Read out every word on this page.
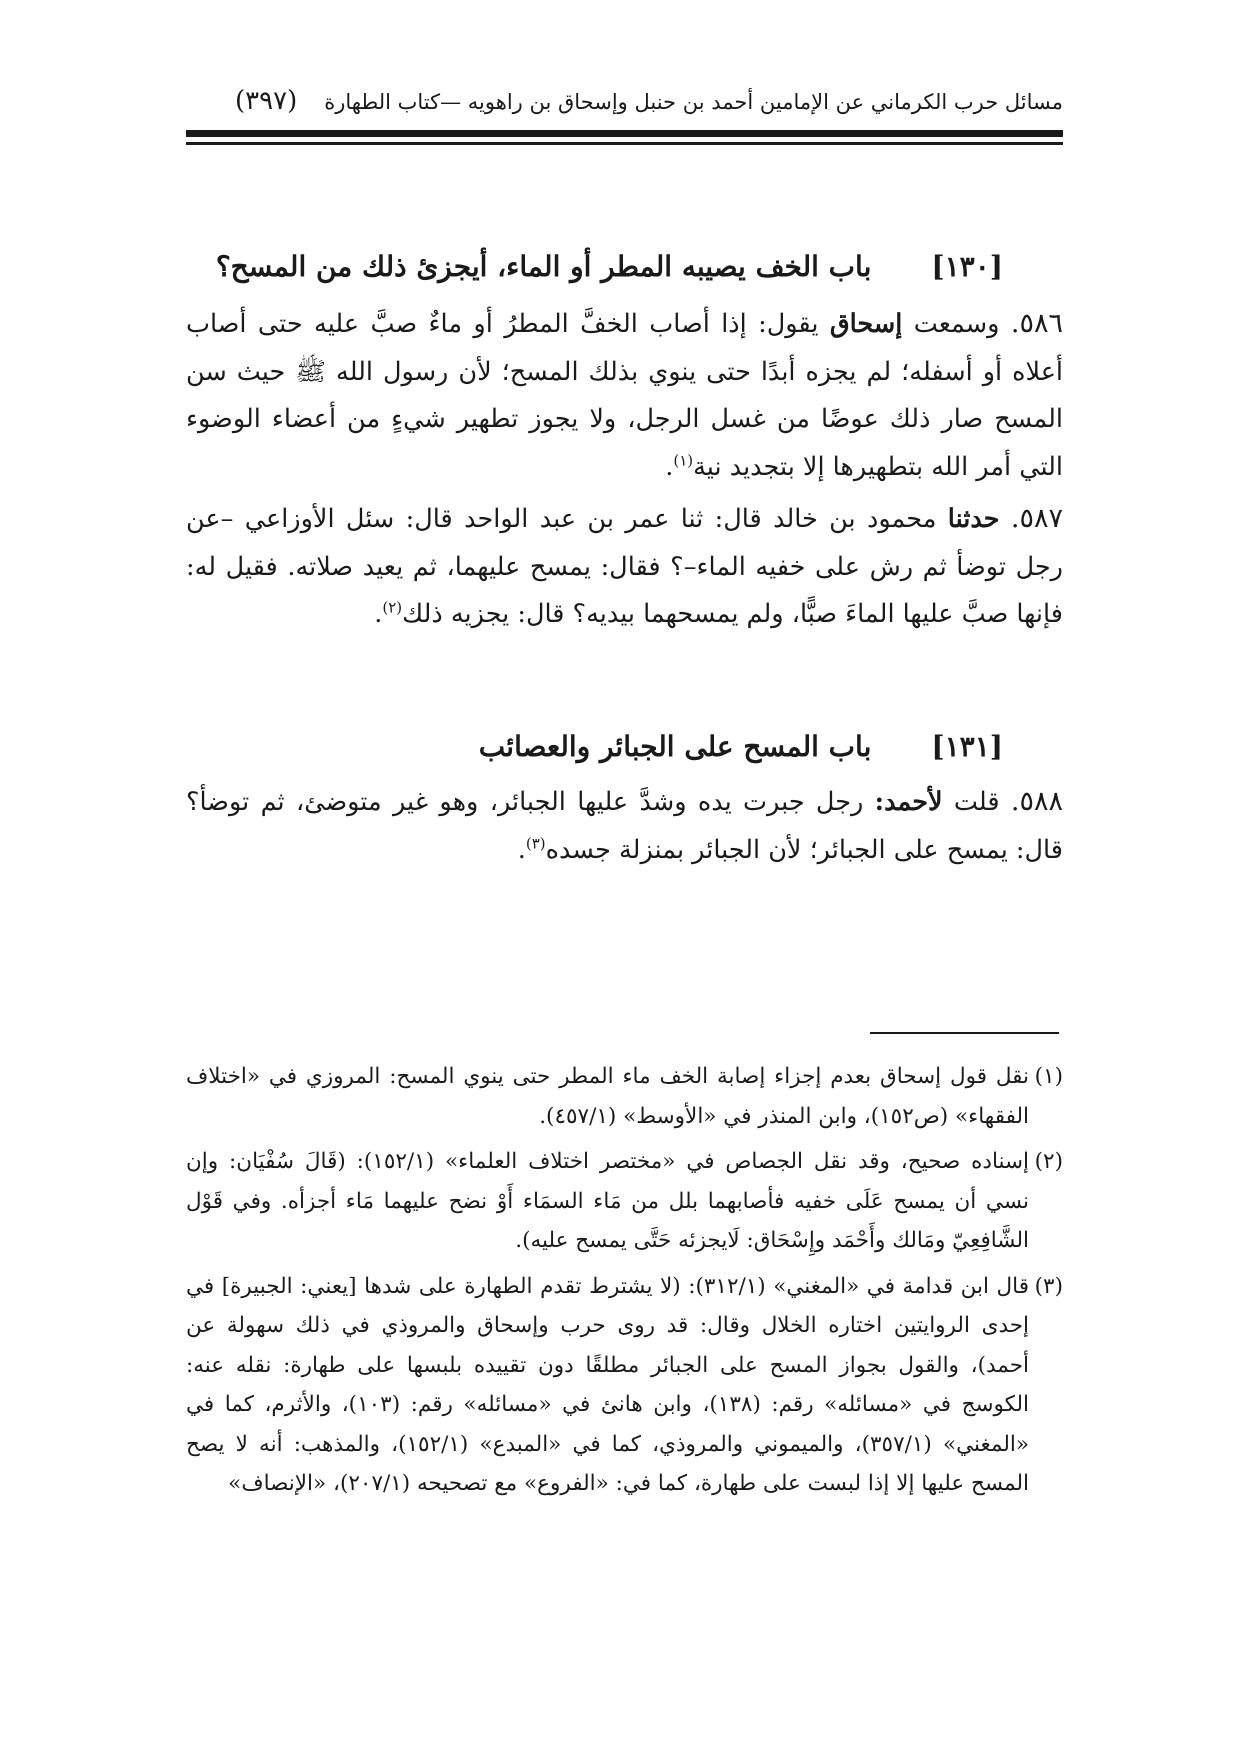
مسائل حرب الكرماني عن الإمامين أحمد بن حنبل وإسحاق بن راهويه —كتاب الطهارة
(٣٩٧)
[١٣٠]باب الخف يصيبه المطر أو الماء، أيجزئ ذلك من المسح؟

٥٨٦. وسمعت إسحاق يقول: إذا أصاب الخفَّ المطرُ أو ماءٌ صبَّ عليه حتى أصاب أعلاه أو أسفله؛ لم يجزه أبدًا حتى ينوي بذلك المسح؛ لأن رسول الله ﷺ حيث سن المسح صار ذلك عوضًا من غسل الرجل، ولا يجوز تطهير شيءٍ من أعضاء الوضوء التي أمر الله بتطهيرها إلا بتجديد نية$^{(١)}$.

٥٨٧. حدثنا محمود بن خالد قال: ثنا عمر بن عبد الواحد قال: سئل الأوزاعي –عن رجل توضأ ثم رش على خفيه الماء–؟ فقال: يمسح عليهما، ثم يعيد صلاته. فقيل له: فإنها صبَّ عليها الماءَ صبًّا، ولم يمسحهما بيديه؟ قال: يجزيه ذلك$^{(٢)}$.

[١٣١]باب المسح على الجبائر والعصائب

٥٨٨. قلت لأحمد: رجل جبرت يده وشدَّ عليها الجبائر، وهو غير متوضئ، ثم توضأ؟ قال: يمسح على الجبائر؛ لأن الجبائر بمنزلة جسده$^{(٣)}$.

(١)

نقل قول إسحاق بعدم إجزاء إصابة الخف ماء المطر حتى ينوي المسح: المروزي في «اختلاف الفقهاء» (ص١٥٢)، وابن المنذر في «الأوسط» (٤٥٧/١).

(٢)

إسناده صحيح، وقد نقل الجصاص في «مختصر اختلاف العلماء» (١٥٢/١): (قَالَ سُفْيَان: وإن نسي أن يمسح عَلَى خفيه فأصابهما بلل من مَاء السمَاء أَوْ نضح عليهما مَاء أجزأه. وفي قَوْل الشَّافِعِيّ ومَالك وأَحْمَد وإِسْحَاق: لَايجزئه حَتَّى يمسح عليه).

(٣)

قال ابن قدامة في «المغني» (٣١٢/١): (لا يشترط تقدم الطهارة على شدها [يعني: الجبيرة] في إحدى الروايتين اختاره الخلال وقال: قد روى حرب وإسحاق والمروذي في ذلك سهولة عن أحمد)، والقول بجواز المسح على الجبائر مطلقًا دون تقييده بلبسها على طهارة: نقله عنه: الكوسج في «مسائله» رقم: (١٣٨)، وابن هانئ في «مسائله» رقم: (١٠٣)، والأثرم، كما في «المغني» (٣٥٧/١)، والميموني والمروذي، كما في «المبدع» (١٥٢/١)، والمذهب: أنه لا يصح المسح عليها إلا إذا لبست على طهارة، كما في: «الفروع» مع تصحيحه (٢٠٧/١)، «الإنصاف»
